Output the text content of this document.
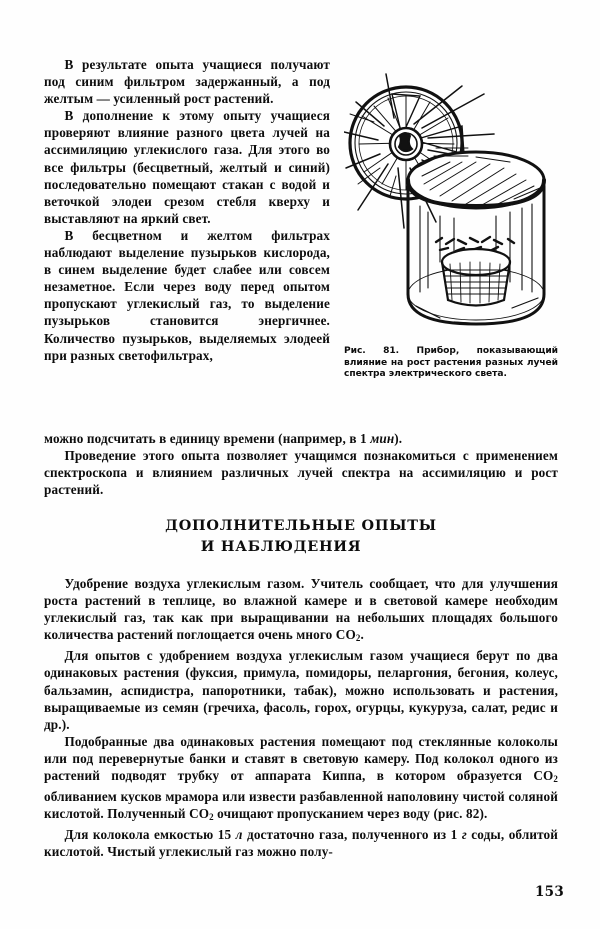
Рис. 81. Прибор, показывающий влияние на рост растения разных лучей спектра электрического света.

В результате опыта учащиеся получают под синим фильтром задержанный, а под желтым — усиленный рост растений.

В дополнение к этому опыту учащиеся проверяют влияние разного цвета лучей на ассимиляцию углекислого газа. Для этого во все фильтры (бесцветный, желтый и синий) последовательно помещают стакан с водой и веточкой элодеи срезом стебля кверху и выставляют на яркий свет.

В бесцветном и желтом фильтрах наблюдают выделение пузырьков кислорода, в синем выделение будет слабее или совсем незаметное. Если через воду перед опытом пропускают углекислый газ, то выделение пузырьков становится энергичнее. Количество пузырьков, выделяемых элодеей при разных светофильтрах,

можно подсчитать в единицу времени (например, в 1 мин).

Проведение этого опыта позволяет учащимся познакомиться с применением спектроскопа и влиянием различных лучей спектра на ассимиляцию и рост растений.

ДОПОЛНИТЕЛЬНЫЕ ОПЫТЫ
И НАБЛЮДЕНИЯ

Удобрение воздуха углекислым газом. Учитель сообщает, что для улучшения роста растений в теплице, во влажной камере и в световой камере необходим углекислый газ, так как при выращивании на небольших площадях большого количества растений поглощается очень много $CO_2$.

Для опытов с удобрением воздуха углекислым газом учащиеся берут по два одинаковых растения (фуксия, примула, помидоры, пеларгония, бегония, колеус, бальзамин, аспидистра, папоротники, табак), можно использовать и растения, выращиваемые из семян (гречиха, фасоль, горох, огурцы, кукуруза, салат, редис и др.).

Подобранные два одинаковых растения помещают под стеклянные колоколы или под перевернутые банки и ставят в световую камеру. Под колокол одного из растений подводят трубку от аппарата Киппа, в котором образуется $CO_2$ обливанием кусков мрамора или извести разбавленной наполовину чистой соляной кислотой. Полученный $CO_2$ очищают пропусканием через воду (рис. 82).

Для колокола емкостью 15 л достаточно газа, полученного из 1 г соды, облитой кислотой. Чистый углекислый газ можно полу-

153
